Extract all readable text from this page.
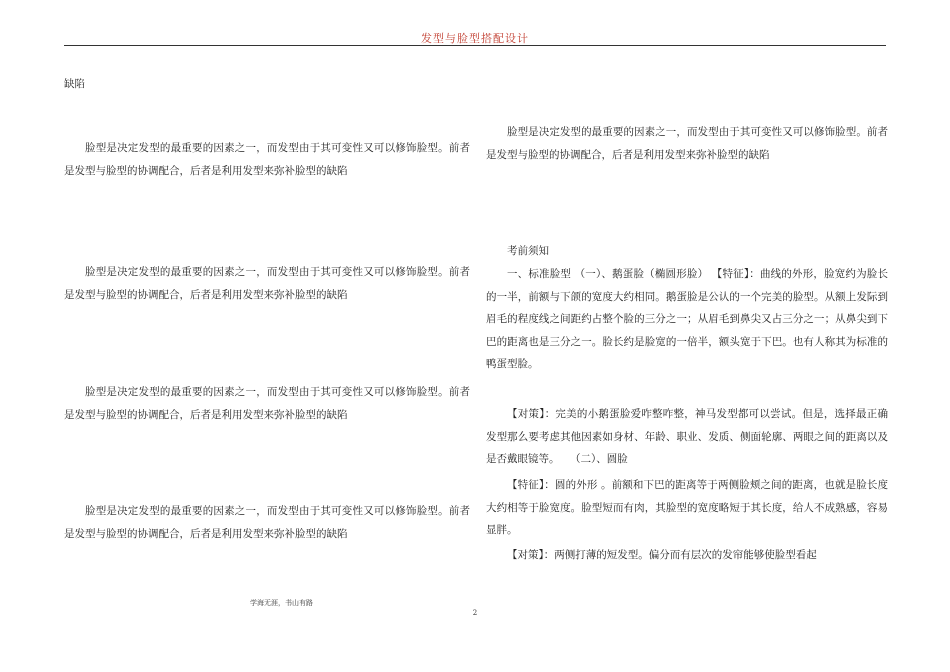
发型与脸型搭配设计

缺陷

脸型是决定发型的最重要的因素之一，而发型由于其可变性又可以修饰脸型。前者是发型与脸型的协调配合，后者是利用发型来弥补脸型的缺陷

脸型是决定发型的最重要的因素之一，而发型由于其可变性又可以修饰脸型。前者是发型与脸型的协调配合，后者是利用发型来弥补脸型的缺陷

脸型是决定发型的最重要的因素之一，而发型由于其可变性又可以修饰脸型。前者是发型与脸型的协调配合，后者是利用发型来弥补脸型的缺陷

脸型是决定发型的最重要的因素之一，而发型由于其可变性又可以修饰脸型。前者是发型与脸型的协调配合，后者是利用发型来弥补脸型的缺陷

脸型是决定发型的最重要的因素之一，而发型由于其可变性又可以修饰脸型。前者是发型与脸型的协调配合，后者是利用发型来弥补脸型的缺陷

考前须知

一、标准脸型 （一）、鹅蛋脸（椭圆形脸） 【特征】：曲线的外形，脸宽约为脸长的一半，前额与下颌的宽度大约相同。鹅蛋脸是公认的一个完美的脸型。从额上发际到眉毛的程度线之间距约占整个脸的三分之一；从眉毛到鼻尖又占三分之一；从鼻尖到下巴的距离也是三分之一。脸长约是脸宽的一倍半，额头宽于下巴。也有人称其为标准的鸭蛋型脸。

【对策】：完美的小鹅蛋脸爱咋整咋整，神马发型都可以尝试。但是，选择最正确发型那么要考虑其他因素如身材、年龄、职业、发质、侧面轮廓、两眼之间的距离以及是否戴眼镜等。　　（二）、圆脸

【特征】：圆的外形 。前额和下巴的距离等于两侧脸颊之间的距离，也就是脸长度大约相等于脸宽度。脸型短而有肉，其脸型的宽度略短于其长度，给人不成熟感，容易显胖。

【对策】：两侧打薄的短发型。偏分而有层次的发帘能够使脸型看起

学海无涯，书山有路
2
